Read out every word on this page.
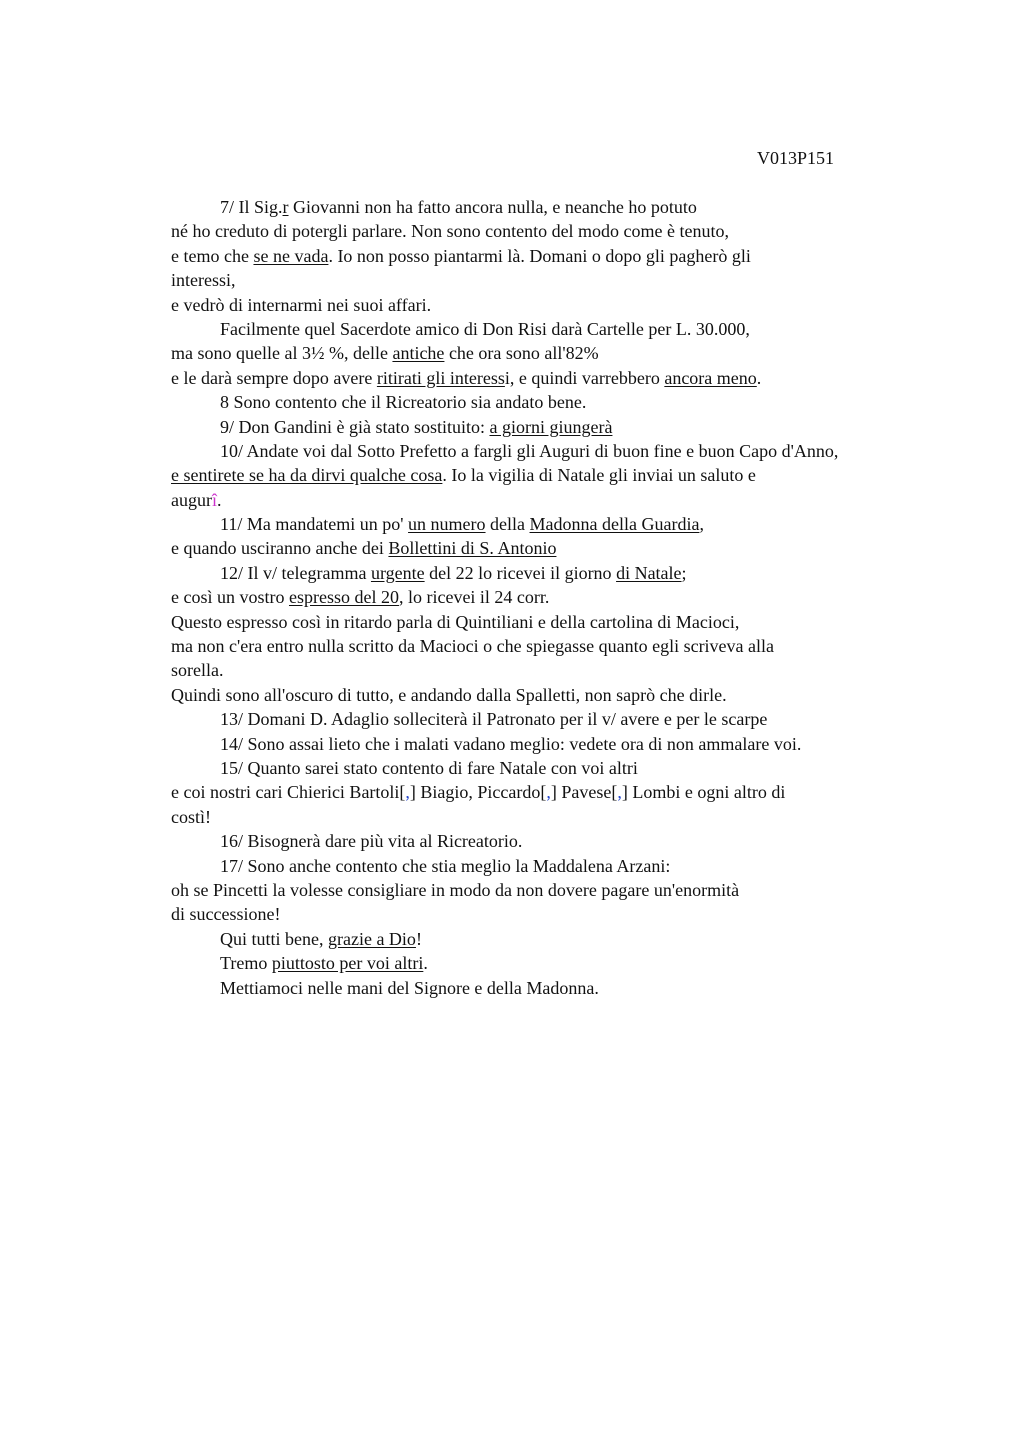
V013P151
7/ Il Sig.r Giovanni non ha fatto ancora nulla, e neanche ho potuto
né ho creduto di potergli parlare. Non sono contento del modo come è tenuto,
e temo che se ne vada. Io non posso piantarmi là. Domani o dopo gli pagherò gli
interessi,
e vedrò di internarmi nei suoi affari.
Facilmente quel Sacerdote amico di Don Risi darà Cartelle per L. 30.000,
ma sono quelle al 3½ %, delle antiche che ora sono all'82%
e le darà sempre dopo avere ritirati gli interessi, e quindi varrebbero ancora meno.
8 Sono contento che il Ricreatorio sia andato bene.
9/ Don Gandini è già stato sostituito: a giorni giungerà
10/ Andate voi dal Sotto Prefetto a fargli gli Auguri di buon fine e buon Capo d'Anno,
e sentirete se ha da dirvi qualche cosa. Io la vigilia di Natale gli inviai un saluto e
augurî.
11/ Ma mandatemi un po' un numero della Madonna della Guardia,
e quando usciranno anche dei Bollettini di S. Antonio
12/ Il v/ telegramma urgente del 22 lo ricevei il giorno di Natale;
e così un vostro espresso del 20, lo ricevei il 24 corr.
Questo espresso così in ritardo parla di Quintiliani e della cartolina di Macioci,
ma non c'era entro nulla scritto da Macioci o che spiegasse quanto egli scriveva alla
sorella.
Quindi sono all'oscuro di tutto, e andando dalla Spalletti, non saprò che dirle.
13/ Domani D. Adaglio solleciterà il Patronato per il v/ avere e per le scarpe
14/ Sono assai lieto che i malati vadano meglio: vedete ora di non ammalare voi.
15/ Quanto sarei stato contento di fare Natale con voi altri
e coi nostri cari Chierici Bartoli[,] Biagio, Piccardo[,] Pavese[,] Lombi e ogni altro di
costì!
16/ Bisognerà dare più vita al Ricreatorio.
17/ Sono anche contento che stia meglio la Maddalena Arzani:
oh se Pincetti la volesse consigliare in modo da non dovere pagare un'enormità
di successione!
Qui tutti bene, grazie a Dio!
Tremo piuttosto per voi altri.
Mettiamoci nelle mani del Signore e della Madonna.
